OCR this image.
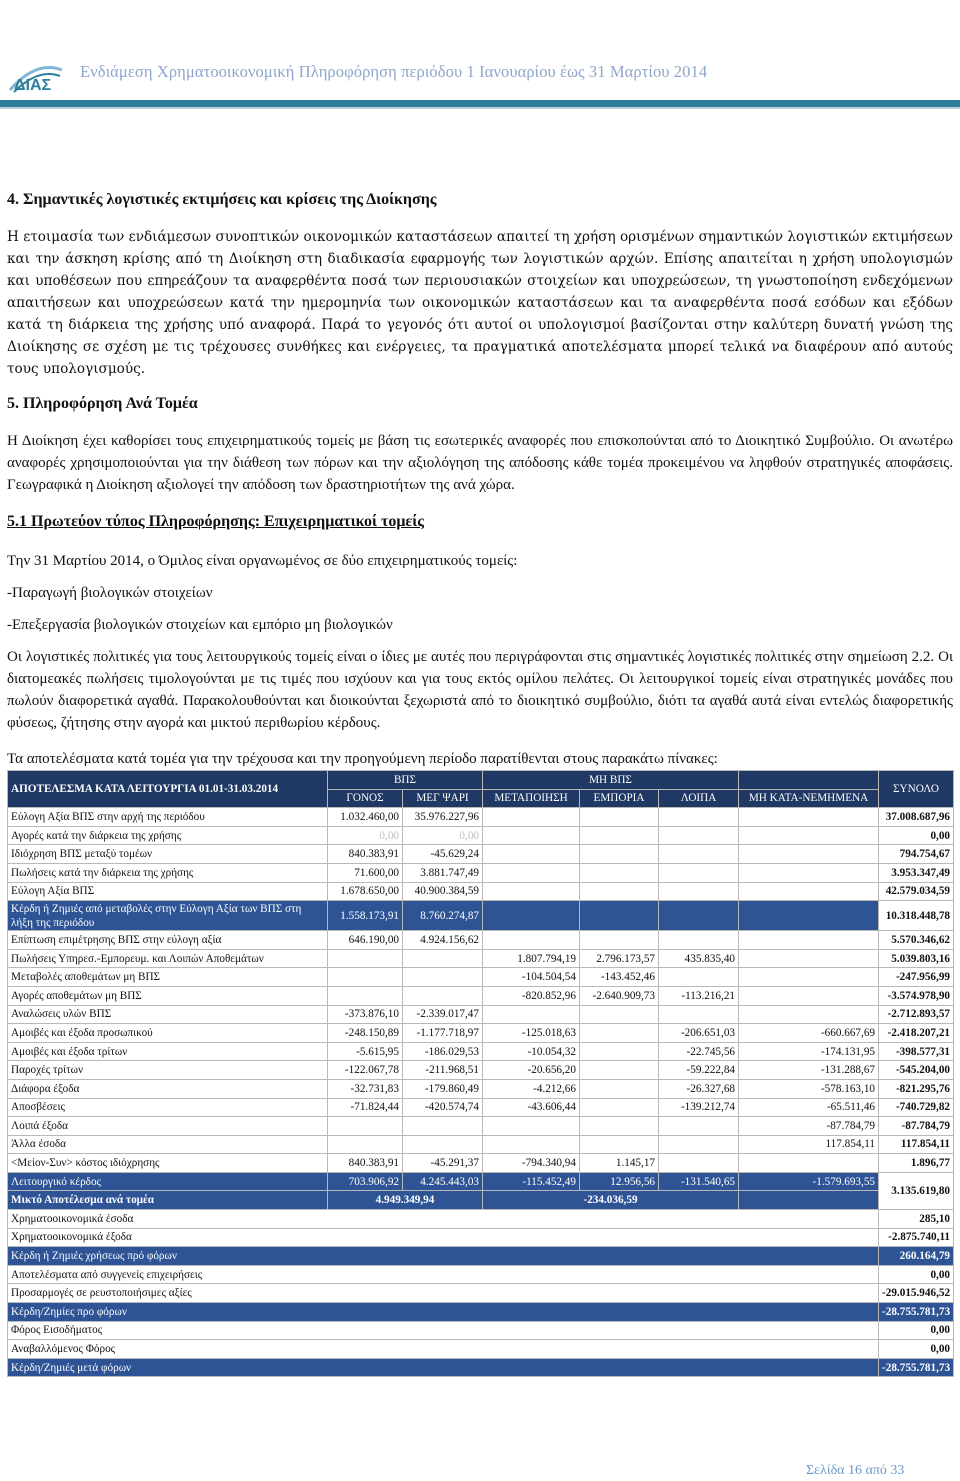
ΔΙΑΣ
Ενδιάμεση Χρηματοοικονομική Πληροφόρηση περιόδου 1 Ιανουαρίου έως 31 Μαρτίου 2014
4. Σημαντικές λογιστικές εκτιμήσεις και κρίσεις της Διοίκησης

Η ετοιμασία των ενδιάμεσων συνοπτικών οικονομικών καταστάσεων απαιτεί τη χρήση ορισμένων σημαντικών λογιστικών εκτιμήσεων και την άσκηση κρίσης από τη Διοίκηση στη διαδικασία εφαρμογής των λογιστικών αρχών. Επίσης απαιτείται η χρήση υπολογισμών και υποθέσεων που επηρεάζουν τα αναφερθέντα ποσά των περιουσιακών στοιχείων και υποχρεώσεων, τη γνωστοποίηση ενδεχόμενων απαιτήσεων και υποχρεώσεων κατά την ημερομηνία των οικονομικών καταστάσεων και τα αναφερθέντα ποσά εσόδων και εξόδων κατά τη διάρκεια της χρήσης υπό αναφορά. Παρά το γεγονός ότι αυτοί οι υπολογισμοί βασίζονται στην καλύτερη δυνατή γνώση της Διοίκησης σε σχέση με τις τρέχουσες συνθήκες και ενέργειες, τα πραγματικά αποτελέσματα μπορεί τελικά να διαφέρουν από αυτούς τους υπολογισμούς.

5. Πληροφόρηση Ανά Τομέα

Η Διοίκηση έχει καθορίσει τους επιχειρηματικούς τομείς με βάση τις εσωτερικές αναφορές που επισκοπούνται από το Διοικητικό Συμβούλιο. Οι ανωτέρω αναφορές χρησιμοποιούνται για την διάθεση των πόρων και την αξιολόγηση της απόδοσης κάθε τομέα προκειμένου να ληφθούν στρατηγικές αποφάσεις. Γεωγραφικά η Διοίκηση αξιολογεί την απόδοση των δραστηριοτήτων της ανά χώρα.

5.1 Πρωτεύον τύπος Πληροφόρησης: Επιχειρηματικοί τομείς

Την 31 Μαρτίου 2014, ο Όμιλος είναι οργανωμένος σε δύο επιχειρηματικούς τομείς:

-Παραγωγή βιολογικών στοιχείων

-Επεξεργασία βιολογικών στοιχείων και εμπόριο μη βιολογικών

Οι λογιστικές πολιτικές για τους λειτουργικούς τομείς είναι ο ίδιες με αυτές που περιγράφονται στις σημαντικές λογιστικές πολιτικές στην σημείωση 2.2. Οι διατομεακές πωλήσεις τιμολογούνται με τις τιμές που ισχύουν και για τους εκτός ομίλου πελάτες. Οι λειτουργικοί τομείς είναι στρατηγικές μονάδες που πωλούν διαφορετικά αγαθά. Παρακολουθούνται και διοικούνται ξεχωριστά από το διοικητικό συμβούλιο, διότι τα αγαθά αυτά είναι εντελώς διαφορετικής φύσεως, ζήτησης στην αγορά και μικτού περιθωρίου κέρδους.

Τα αποτελέσματα κατά τομέα για την τρέχουσα και την προηγούμενη περίοδο παρατίθενται στους παρακάτω πίνακες:

ΑΠΟΤΕΛΕΣΜΑ ΚΑΤΑ ΛΕΙΤΟΥΡΓΙΑ 01.01-31.03.2014	ΒΠΣ		ΜΗ ΒΠΣ				ΣΥΝΟΛΟ
	ΓΟΝΟΣ	ΜΕΓ ΨΑΡΙ	ΜΕΤΑΠΟΙΗΣΗ	ΕΜΠΟΡΙΑ	ΛΟΙΠΑ	ΜΗ ΚΑΤΑ-ΝΕΜΗΜΕΝΑ	
Εύλογη Αξία ΒΠΣ στην αρχή της περιόδου	1.032.460,00	35.976.227,96					37.008.687,96
Αγορές κατά την διάρκεια της χρήσης	0,00	0,00					0,00
Ιδιόχρηση ΒΠΣ μεταξύ τομέων	840.383,91	-45.629,24					794.754,67
Πωλήσεις κατά την διάρκεια της χρήσης	71.600,00	3.881.747,49					3.953.347,49
Εύλογη Αξία ΒΠΣ	1.678.650,00	40.900.384,59					42.579.034,59
Κέρδη ή Ζημιές από μεταβολές στην Εύλογη Αξία των ΒΠΣ στη λήξη της περιόδου	1.558.173,91	8.760.274,87					10.318.448,78
Επίπτωση επιμέτρησης ΒΠΣ στην εύλογη αξία	646.190,00	4.924.156,62					5.570.346,62
Πωλήσεις Υπηρεσ.-Εμπορευμ. και Λοιπών Αποθεμάτων			1.807.794,19	2.796.173,57	435.835,40		5.039.803,16
Μεταβολές αποθεμάτων μη ΒΠΣ			-104.504,54	-143.452,46			-247.956,99
Αγορές αποθεμάτων μη ΒΠΣ			-820.852,96	-2.640.909,73	-113.216,21		-3.574.978,90
Αναλώσεις υλών ΒΠΣ	-373.876,10	-2.339.017,47					-2.712.893,57
Αμοιβές και έξοδα προσωπικού	-248.150,89	-1.177.718,97	-125.018,63		-206.651,03	-660.667,69	-2.418.207,21
Αμοιβές και έξοδα τρίτων	-5.615,95	-186.029,53	-10.054,32		-22.745,56	-174.131,95	-398.577,31
Παροχές τρίτων	-122.067,78	-211.968,51	-20.656,20		-59.222,84	-131.288,67	-545.204,00
Διάφορα έξοδα	-32.731,83	-179.860,49	-4.212,66		-26.327,68	-578.163,10	-821.295,76
Αποσβέσεις	-71.824,44	-420.574,74	-43.606,44		-139.212,74	-65.511,46	-740.729,82
Λοιπά έξοδα						-87.784,79	-87.784,79
Άλλα έσοδα						117.854,11	117.854,11
<Μείον-Συν> κόστος ιδιόχρησης	840.383,91	-45.291,37	-794.340,94	1.145,17			1.896,77
Λειτουργικό κέρδος	703.906,92	4.245.443,03	-115.452,49	12.956,56	-131.540,65	-1.579.693,55	3.135.619,80
Μικτό Αποτέλεσμα ανά τομέα	4.949.349,94		-234.036,59				
Χρηματοοικονομικά έσοδα							285,10
Χρηματοοικονομικά έξοδα							-2.875.740,11
Κέρδη ή Ζημιές χρήσεως πρό φόρων							260.164,79
Αποτελέσματα από συγγενείς επιχειρήσεις							0,00
Προσαρμογές σε ρευστοποιήσιμες αξίες							-29.015.946,52
Κέρδη/Ζημίες προ φόρων							-28.755.781,73
Φόρος Εισοδήματος							0,00
Αναβαλλόμενος Φόρος							0,00
Κέρδη/Ζημιές μετά φόρων							-28.755.781,73
Σελίδα 16 από 33
